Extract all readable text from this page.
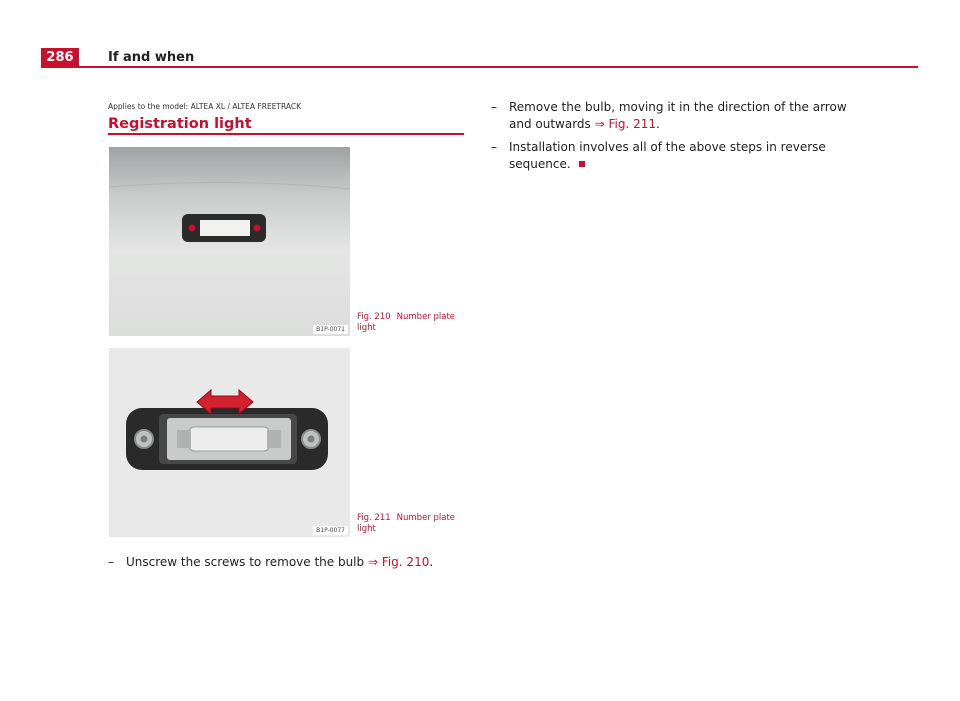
286	If and when
Applies to the model: ALTEA XL / ALTEA FREETRACK
Registration light
B1P-0071
Fig. 210 Number plate light
B1P-0077
Fig. 211 Number plate light
–	Unscrew the screws to remove the bulb ⇒ Fig. 210.
–	Remove the bulb, moving it in the direction of the arrow and outwards ⇒ Fig. 211.
–	Installation involves all of the above steps in reverse sequence.
